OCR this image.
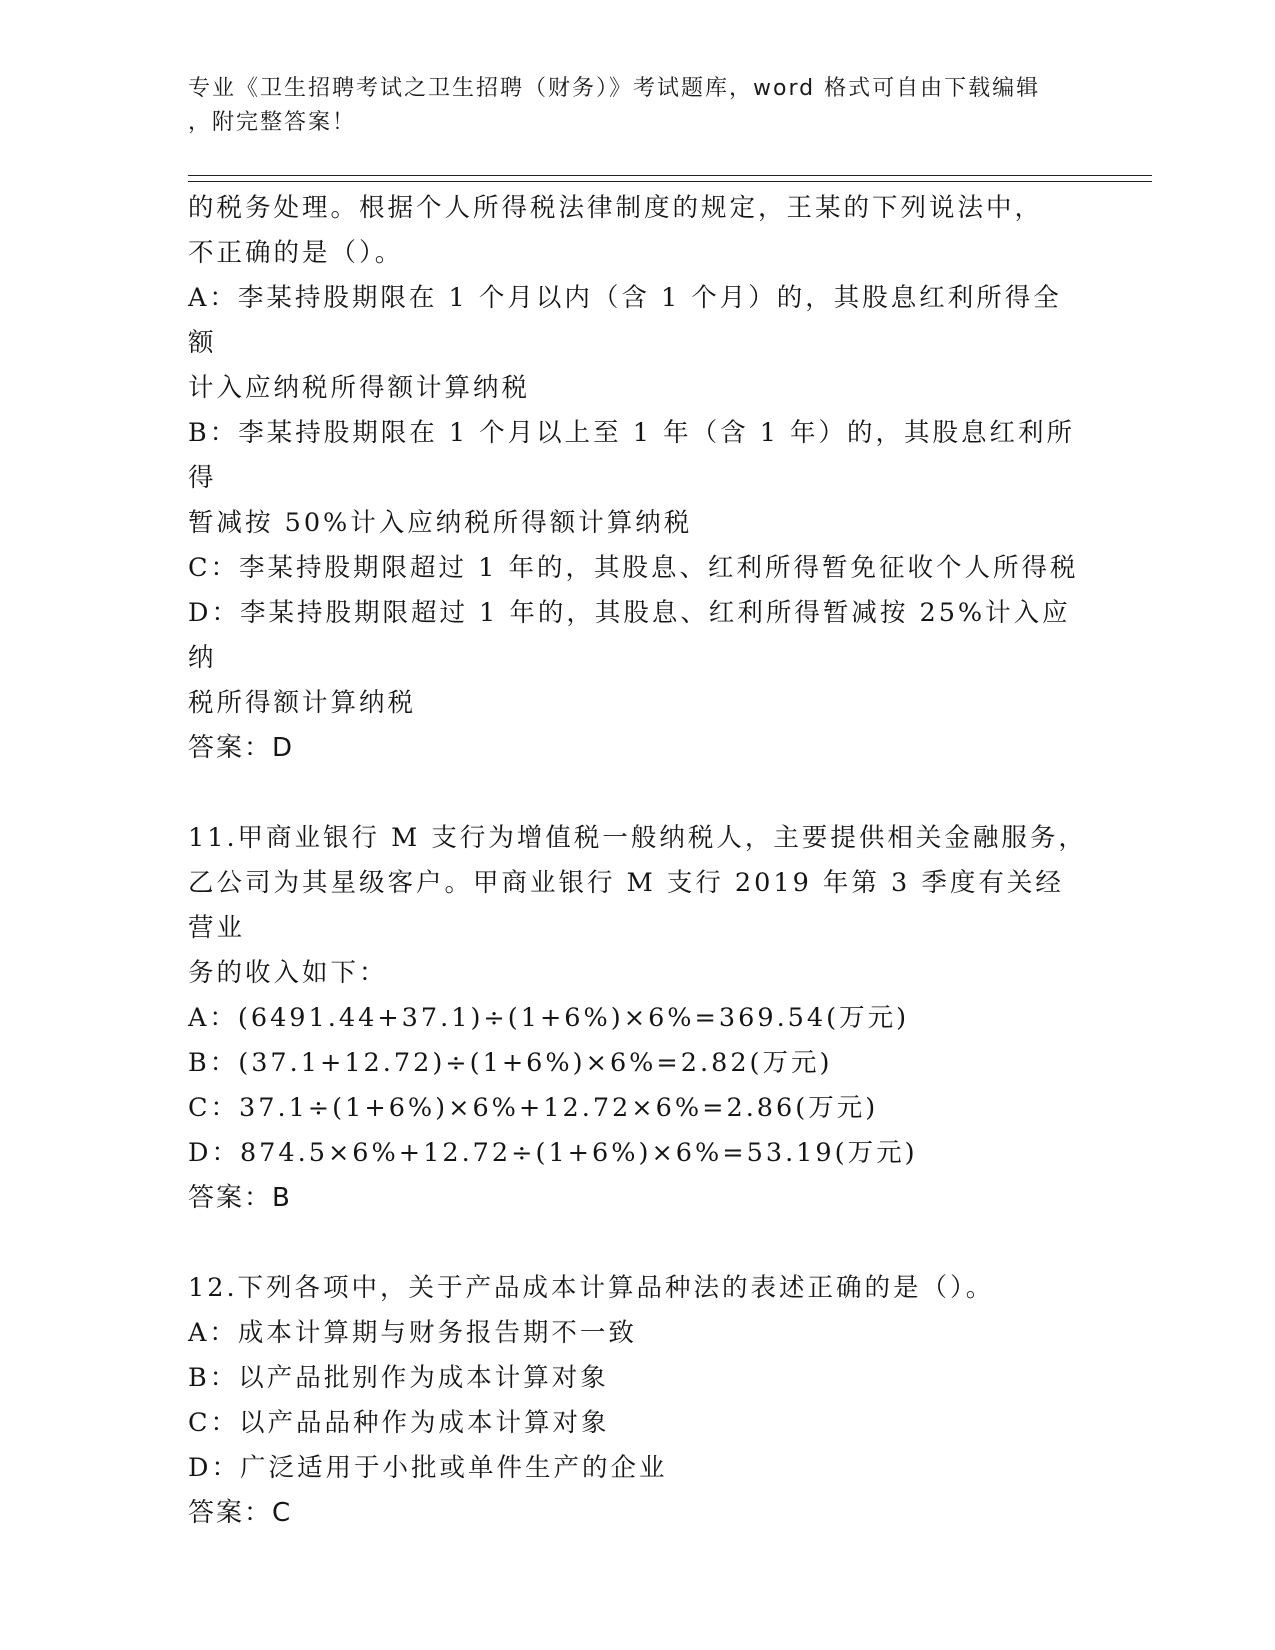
专业《卫生招聘考试之卫生招聘（财务）》考试题库，word 格式可自由下载编辑
，附完整答案！

的税务处理。根据个人所得税法律制度的规定，王某的下列说法中，

不正确的是（）。

A：李某持股期限在 1 个月以内（含 1 个月）的，其股息红利所得全额

计入应纳税所得额计算纳税

B：李某持股期限在 1 个月以上至 1 年（含 1 年）的，其股息红利所得

暂减按 50%计入应纳税所得额计算纳税

C：李某持股期限超过 1 年的，其股息、红利所得暂免征收个人所得税

D：李某持股期限超过 1 年的，其股息、红利所得暂减按 25%计入应纳

税所得额计算纳税

答案：D

11.甲商业银行 M 支行为增值税一般纳税人，主要提供相关金融服务，

乙公司为其星级客户。甲商业银行 M 支行 2019 年第 3 季度有关经营业

务的收入如下：

A：(6491.44+37.1)÷(1+6%)×6%=369.54(万元)

B：(37.1+12.72)÷(1+6%)×6%=2.82(万元)

C：37.1÷(1+6%)×6%+12.72×6%=2.86(万元)

D：874.5×6%+12.72÷(1+6%)×6%=53.19(万元)

答案：B

12.下列各项中，关于产品成本计算品种法的表述正确的是（）。

A：成本计算期与财务报告期不一致

B：以产品批别作为成本计算对象

C：以产品品种作为成本计算对象

D：广泛适用于小批或单件生产的企业

答案：C
